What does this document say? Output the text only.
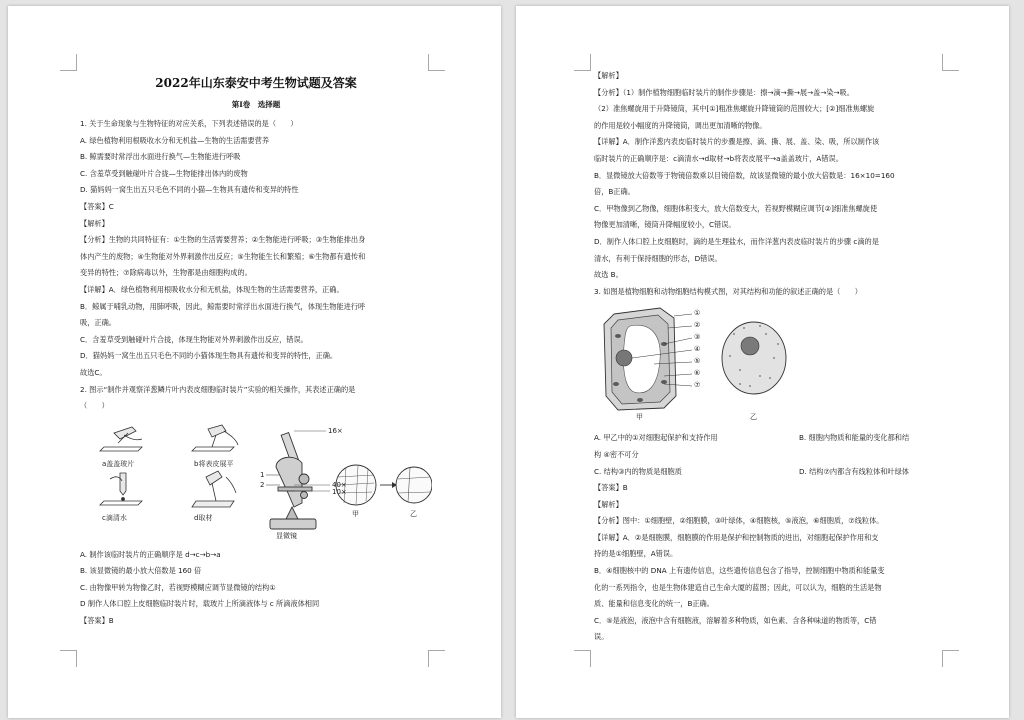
2022年山东泰安中考生物试题及答案
第Ⅰ卷　选择题
1. 关于生命现象与生物特征的对应关系，下列表述错误的是（　　）
A. 绿色植物利用根吸收水分和无机盐—生物的生活需要营养
B. 鲸需要时常浮出水面进行换气—生物能进行呼吸
C. 含羞草受到触碰叶片合拢—生物能排出体内的废物
D. 猫妈妈一窝生出五只毛色不同的小猫—生物具有遗传和变异的特性
【答案】C
【解析】
【分析】生物的共同特征有：①生物的生活需要营养；②生物能进行呼吸；③生物能排出身
体内产生的废物；④生物能对外界刺激作出反应；⑤生物能生长和繁殖；⑥生物都有遗传和
变异的特性；⑦除病毒以外，生物都是由细胞构成的。
【详解】A．绿色植物利用根吸收水分和无机盐，体现生物的生活需要营养，正确。
B．鲸属于哺乳动物，用肺呼吸，因此，鲸需要时常浮出水面进行换气，体现生物能进行呼
吸，正确。
C．含羞草受到触碰叶片合拢，体现生物能对外界刺激作出反应，错误。
D．猫妈妈一窝生出五只毛色不同的小猫体现生物具有遗传和变异的特性，正确。
故选C。
2. 图示“制作并观察洋葱鳞片叶内表皮细胞临时装片”实验的相关操作，其表述正确的是
（　　）
a盖盖玻片	b将表皮展平
c滴清水	d取材
显微镜
16×
40×
10×
1
2
甲	乙
A. 制作该临时装片的正确顺序是 d→c→b→a
B. 该显微镜的最小放大倍数是 160 倍
C. 由物像甲转为物像乙时，若视野模糊应调节显微镜的结构①
D 制作人体口腔上皮细胞临时装片时，载玻片上所滴液体与 c 所滴液体相同
【答案】B
【解析】
【分析】（1）制作植物细胞临时装片的制作步骤是：擦→滴→撕→展→盖→染→吸。
（2）准焦螺旋用于升降镜筒，其中[①]粗准焦螺旋升降镜筒的范围较大；[②]细准焦螺旋
的作用是较小幅度的升降镜筒，调出更加清晰的物像。
【详解】A．制作洋葱内表皮临时装片的步骤是擦、滴、撕、展、盖、染、吸，所以制作该
临时装片的正确顺序是：c滴清水→d取材→b将表皮展平→a盖盖玻片，A错误。
B．显微镜放大倍数等于物镜倍数乘以目镜倍数，故该显微镜的最小放大倍数是：16×10=160
倍，B正确。
C．甲物像到乙物像，细胞体积变大，放大倍数变大，若视野模糊应调节[②]细准焦螺旋使
物像更加清晰，镜筒升降幅度较小，C错误。
D．制作人体口腔上皮细胞时，滴的是生理盐水，而作洋葱内表皮临时装片的步骤 c滴的是
清水，有利于保持细胞的形态，D错误。
故选 B。
3. 如图是植物细胞和动物细胞结构模式图，对其结构和功能的叙述正确的是（　　）
①
②
③
④
⑤
⑥
⑦
甲	乙
A. 甲乙中的①对细胞起保护和支持作用	B. 细胞内物质和能量的变化都和结
构 ④密不可分
C. 结构③内的物质是细胞质	D. 结构⑦内都含有线粒体和叶绿体
【答案】B
【解析】
【分析】图中：①细胞壁，②细胞膜，③叶绿体，④细胞核，⑤液泡，⑥细胞质，⑦线粒体。
【详解】A．②是细胞膜，细胞膜的作用是保护和控制物质的进出，对细胞起保护作用和支
持的是①细胞壁，A错误。
B．④细胞核中的 DNA 上有遗传信息，这些遗传信息包含了指导，控制细胞中物质和能量变
化的一系列指令，也是生物体建造自己生命大厦的蓝图；因此，可以认为，细胞的生活是物
质、能量和信息变化的统一，B正确。
C．⑤是液泡，液泡中含有细胞液，溶解着多种物质，如色素、含各种味道的物质等，C错
误。
